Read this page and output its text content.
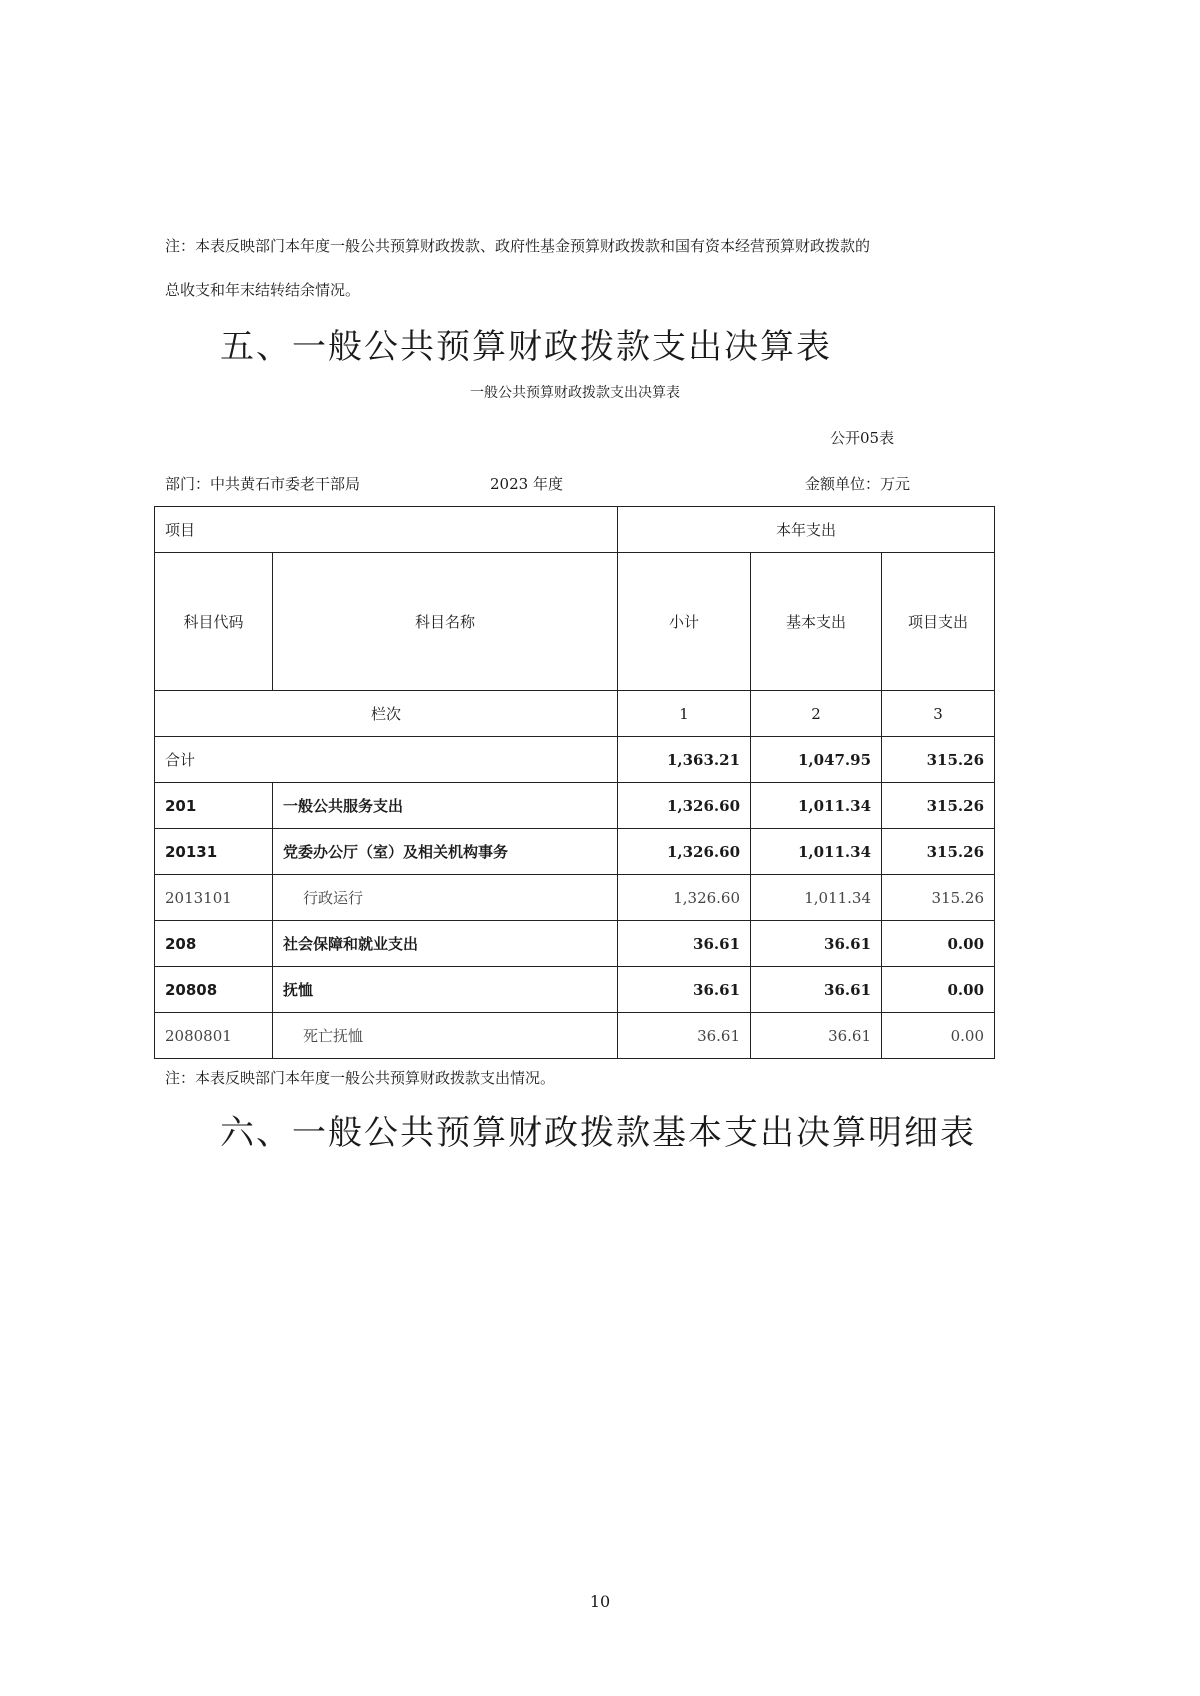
注：本表反映部门本年度一般公共预算财政拨款、政府性基金预算财政拨款和国有资本经营预算财政拨款的
总收支和年末结转结余情况。
五、一般公共预算财政拨款支出决算表
一般公共预算财政拨款支出决算表
公开05表
部门：中共黄石市委老干部局	2023 年度	金额单位：万元
项目		本年支出		
科目代码	科目名称	小计	基本支出	项目支出
栏次		1	2	3
合计		1,363.21	1,047.95	315.26
201	一般公共服务支出	1,326.60	1,011.34	315.26
20131	党委办公厅（室）及相关机构事务	1,326.60	1,011.34	315.26
2013101	行政运行	1,326.60	1,011.34	315.26
208	社会保障和就业支出	36.61	36.61	0.00
20808	抚恤	36.61	36.61	0.00
2080801	死亡抚恤	36.61	36.61	0.00
注：本表反映部门本年度一般公共预算财政拨款支出情况。
六、一般公共预算财政拨款基本支出决算明细表
10
